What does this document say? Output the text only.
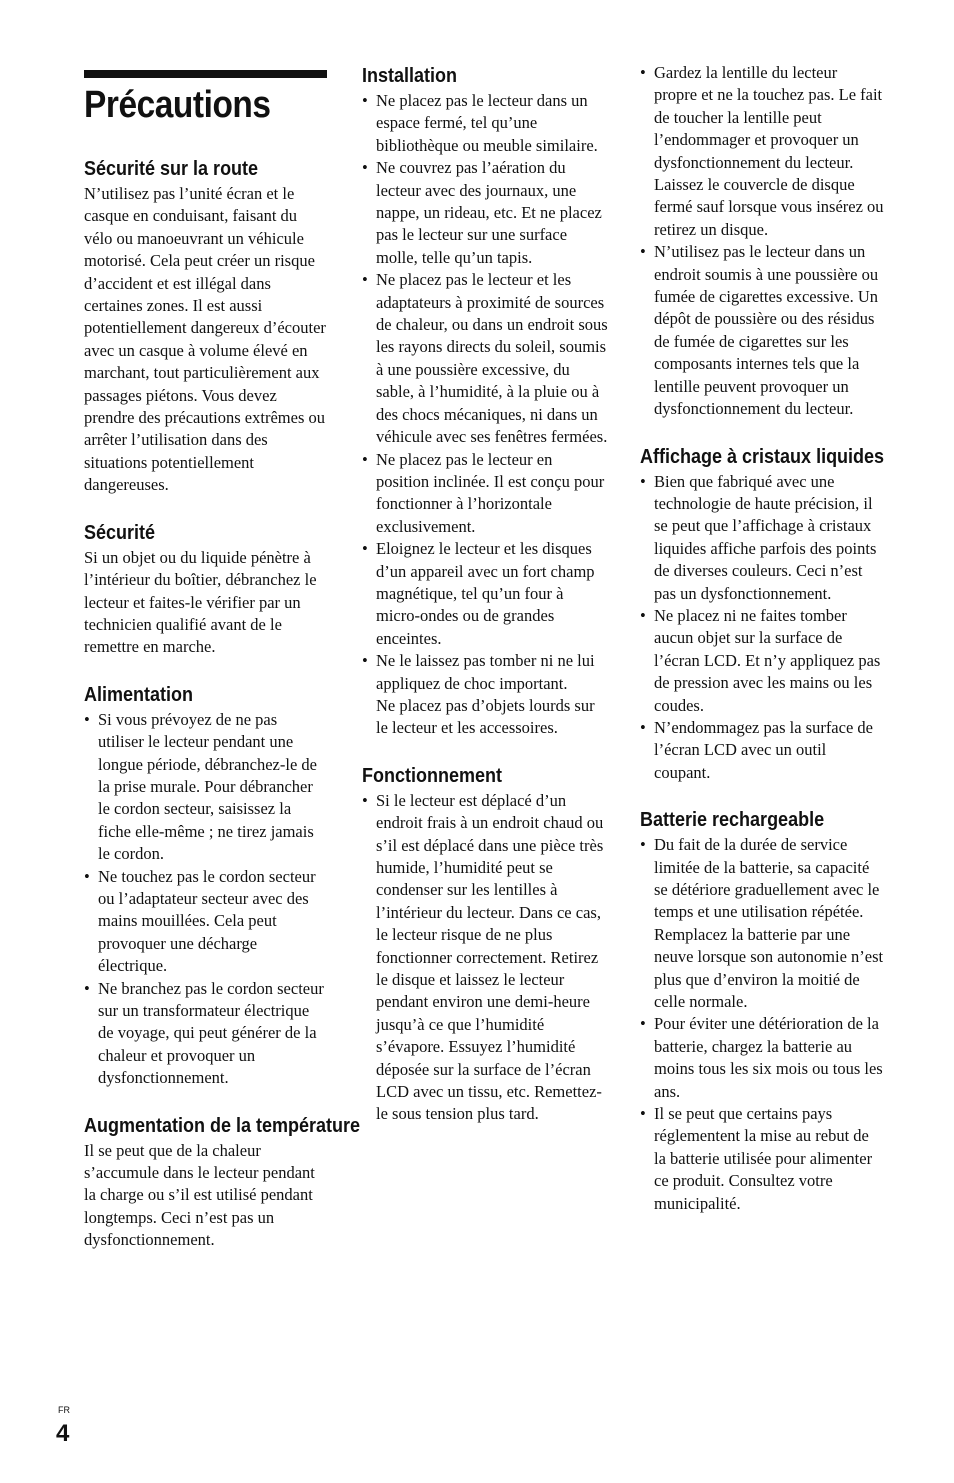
Précautions
Sécurité sur la route

N’utilisez pas l’unité écran et le casque en conduisant, faisant du vélo ou manoeuvrant un véhicule motorisé. Cela peut créer un risque d’accident et est illégal dans certaines zones. Il est aussi potentiellement dangereux d’écouter avec un casque à volume élevé en marchant, tout particulièrement aux passages piétons. Vous devez prendre des précautions extrêmes ou arrêter l’utilisation dans des situations potentiellement dangereuses.

Sécurité

Si un objet ou du liquide pénètre à l’intérieur du boîtier, débranchez le lecteur et faites-le vérifier par un technicien qualifié avant de le remettre en marche.

Alimentation
• Si vous prévoyez de ne pas utiliser le lecteur pendant une longue période, débranchez-le de la prise murale. Pour débrancher le cordon secteur, saisissez la fiche elle-même ; ne tirez jamais le cordon.
• Ne touchez pas le cordon secteur ou l’adaptateur secteur avec des mains mouillées. Cela peut provoquer une décharge électrique.
• Ne branchez pas le cordon secteur sur un transformateur électrique de voyage, qui peut générer de la chaleur et provoquer un dysfonctionnement.
Augmentation de la température

Il se peut que de la chaleur s’accumule dans le lecteur pendant la charge ou s’il est utilisé pendant longtemps. Ceci n’est pas un dysfonctionnement.

Installation
• Ne placez pas le lecteur dans un espace fermé, tel qu’une bibliothèque ou meuble similaire.
• Ne couvrez pas l’aération du lecteur avec des journaux, une nappe, un rideau, etc. Et ne placez pas le lecteur sur une surface molle, telle qu’un tapis.
• Ne placez pas le lecteur et les adaptateurs à proximité de sources de chaleur, ou dans un endroit sous les rayons directs du soleil, soumis à une poussière excessive, du sable, à l’humidité, à la pluie ou à des chocs mécaniques, ni dans un véhicule avec ses fenêtres fermées.
• Ne placez pas le lecteur en position inclinée. Il est conçu pour fonctionner à l’horizontale exclusivement.
• Eloignez le lecteur et les disques d’un appareil avec un fort champ magnétique, tel qu’un four à micro-ondes ou de grandes enceintes.
• Ne le laissez pas tomber ni ne lui appliquez de choc important.
Ne placez pas d’objets lourds sur le lecteur et les accessoires.
Fonctionnement
• Si le lecteur est déplacé d’un endroit frais à un endroit chaud ou s’il est déplacé dans une pièce très humide, l’humidité peut se condenser sur les lentilles à l’intérieur du lecteur. Dans ce cas, le lecteur risque de ne plus fonctionner correctement. Retirez le disque et laissez le lecteur pendant environ une demi-heure jusqu’à ce que l’humidité s’évapore. Essuyez l’humidité déposée sur la surface de l’écran LCD avec un tissu, etc. Remettez-le sous tension plus tard.
• Gardez la lentille du lecteur propre et ne la touchez pas. Le fait de toucher la lentille peut l’endommager et provoquer un dysfonctionnement du lecteur. Laissez le couvercle de disque fermé sauf lorsque vous insérez ou retirez un disque.
• N’utilisez pas le lecteur dans un endroit soumis à une poussière ou fumée de cigarettes excessive. Un dépôt de poussière ou des résidus de fumée de cigarettes sur les composants internes tels que la lentille peuvent provoquer un dysfonctionnement du lecteur.
Affichage à cristaux liquides
• Bien que fabriqué avec une technologie de haute précision, il se peut que l’affichage à cristaux liquides affiche parfois des points de diverses couleurs. Ceci n’est pas un dysfonctionnement.
• Ne placez ni ne faites tomber aucun objet sur la surface de l’écran LCD. Et n’y appliquez pas de pression avec les mains ou les coudes.
• N’endommagez pas la surface de l’écran LCD avec un outil coupant.
Batterie rechargeable
• Du fait de la durée de service limitée de la batterie, sa capacité se détériore graduellement avec le temps et une utilisation répétée. Remplacez la batterie par une neuve lorsque son autonomie n’est plus que d’environ la moitié de celle normale.
• Pour éviter une détérioration de la batterie, chargez la batterie au moins tous les six mois ou tous les ans.
• Il se peut que certains pays réglementent la mise au rebut de la batterie utilisée pour alimenter ce produit. Consultez votre municipalité.
FR
4
